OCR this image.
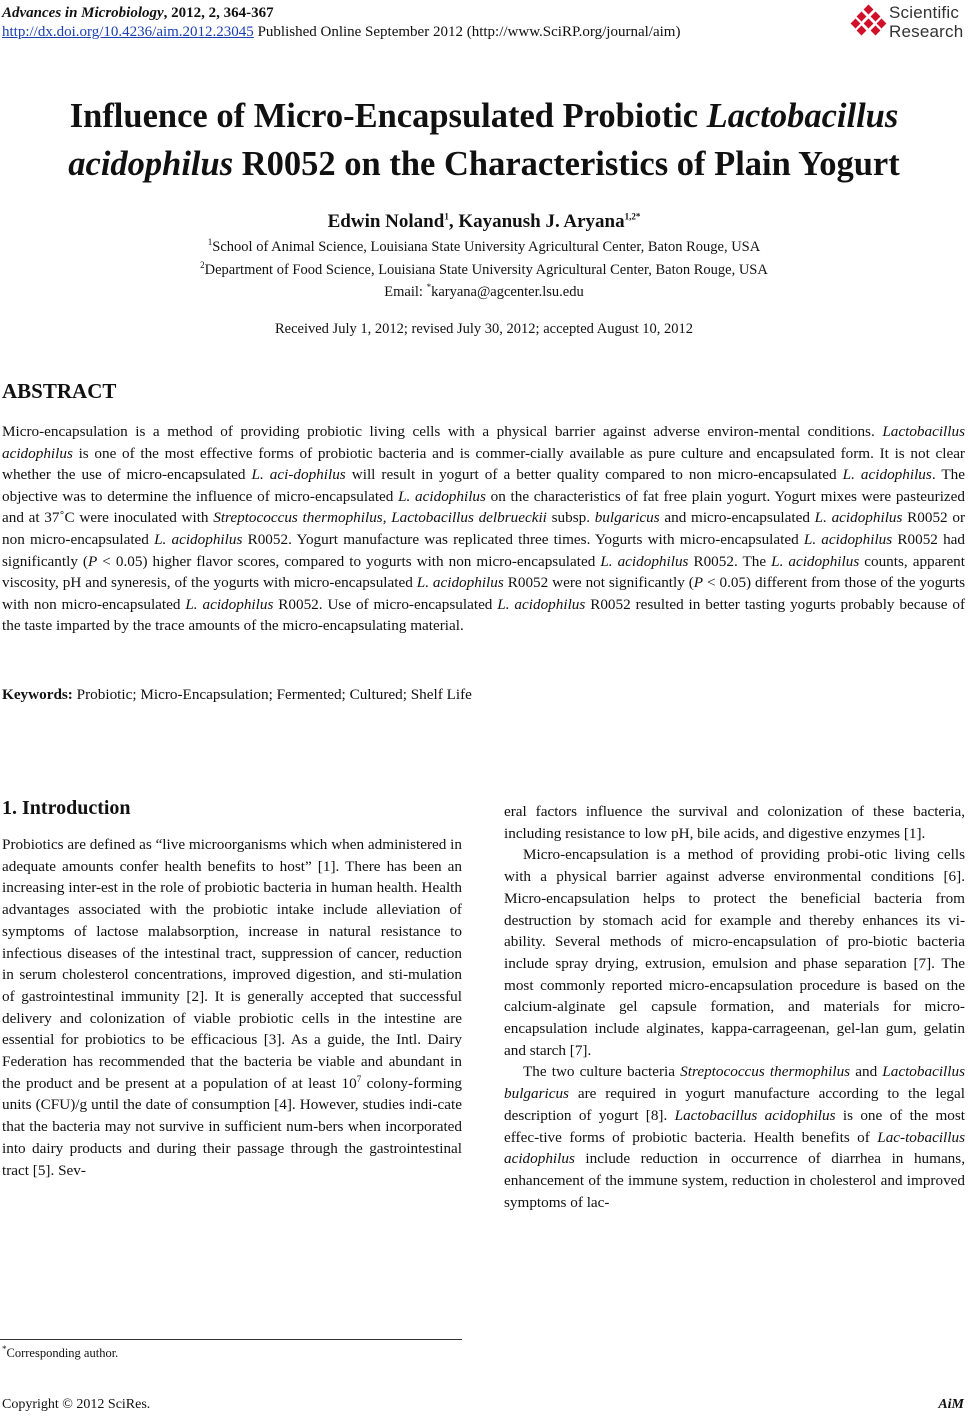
Advances in Microbiology, 2012, 2, 364-367
http://dx.doi.org/10.4236/aim.2012.23045 Published Online September 2012 (http://www.SciRP.org/journal/aim)
Scientific
Research
Influence of Micro-Encapsulated Probiotic Lactobacillus
acidophilus R0052 on the Characteristics of Plain Yogurt
Edwin Noland$^1$, Kayanush J. Aryana$^{1,2*}$
$^1$School of Animal Science, Louisiana State University Agricultural Center, Baton Rouge, USA
$^2$Department of Food Science, Louisiana State University Agricultural Center, Baton Rouge, USA
Email: *karyana@agcenter.lsu.edu
Received July 1, 2012; revised July 30, 2012; accepted August 10, 2012
ABSTRACT
Micro-encapsulation is a method of providing probiotic living cells with a physical barrier against adverse environ-mental conditions. Lactobacillus acidophilus is one of the most effective forms of probiotic bacteria and is commer-cially available as pure culture and encapsulated form. It is not clear whether the use of micro-encapsulated L. aci-dophilus will result in yogurt of a better quality compared to non micro-encapsulated L. acidophilus. The objective was to determine the influence of micro-encapsulated L. acidophilus on the characteristics of fat free plain yogurt. Yogurt mixes were pasteurized and at 37˚C were inoculated with Streptococcus thermophilus, Lactobacillus delbrueckii subsp. bulgaricus and micro-encapsulated L. acidophilus R0052 or non micro-encapsulated L. acidophilus R0052. Yogurt manufacture was replicated three times. Yogurts with micro-encapsulated L. acidophilus R0052 had significantly (P < 0.05) higher flavor scores, compared to yogurts with non micro-encapsulated L. acidophilus R0052. The L. acidophilus counts, apparent viscosity, pH and syneresis, of the yogurts with micro-encapsulated L. acidophilus R0052 were not significantly (P < 0.05) different from those of the yogurts with non micro-encapsulated L. acidophilus R0052. Use of micro-encapsulated L. acidophilus R0052 resulted in better tasting yogurts probably because of the taste imparted by the trace amounts of the micro-encapsulating material.
Keywords: Probiotic; Micro-Encapsulation; Fermented; Cultured; Shelf Life
1. Introduction

Probiotics are defined as “live microorganisms which when administered in adequate amounts confer health benefits to host” [1]. There has been an increasing inter-est in the role of probiotic bacteria in human health. Health advantages associated with the probiotic intake include alleviation of symptoms of lactose malabsorption, increase in natural resistance to infectious diseases of the intestinal tract, suppression of cancer, reduction in serum cholesterol concentrations, improved digestion, and sti-mulation of gastrointestinal immunity [2]. It is generally accepted that successful delivery and colonization of viable probiotic cells in the intestine are essential for probiotics to be efficacious [3]. As a guide, the Intl. Dairy Federation has recommended that the bacteria be viable and abundant in the product and be present at a population of at least $10^7$ colony-forming units (CFU)/g until the date of consumption [4]. However, studies indi-cate that the bacteria may not survive in sufficient num-bers when incorporated into dairy products and during their passage through the gastrointestinal tract [5]. Sev-

eral factors influence the survival and colonization of these bacteria, including resistance to low pH, bile acids, and digestive enzymes [1].

Micro-encapsulation is a method of providing probi-otic living cells with a physical barrier against adverse environmental conditions [6]. Micro-encapsulation helps to protect the beneficial bacteria from destruction by stomach acid for example and thereby enhances its vi-ability. Several methods of micro-encapsulation of pro-biotic bacteria include spray drying, extrusion, emulsion and phase separation [7]. The most commonly reported micro-encapsulation procedure is based on the calcium-alginate gel capsule formation, and materials for micro-encapsulation include alginates, kappa-carrageenan, gel-lan gum, gelatin and starch [7].

The two culture bacteria Streptococcus thermophilus and Lactobacillus bulgaricus are required in yogurt manufacture according to the legal description of yogurt [8]. Lactobacillus acidophilus is one of the most effec-tive forms of probiotic bacteria. Health benefits of Lac-tobacillus acidophilus include reduction in occurrence of diarrhea in humans, enhancement of the immune system, reduction in cholesterol and improved symptoms of lac-

*Corresponding author.
Copyright © 2012 SciRes.	AiM
